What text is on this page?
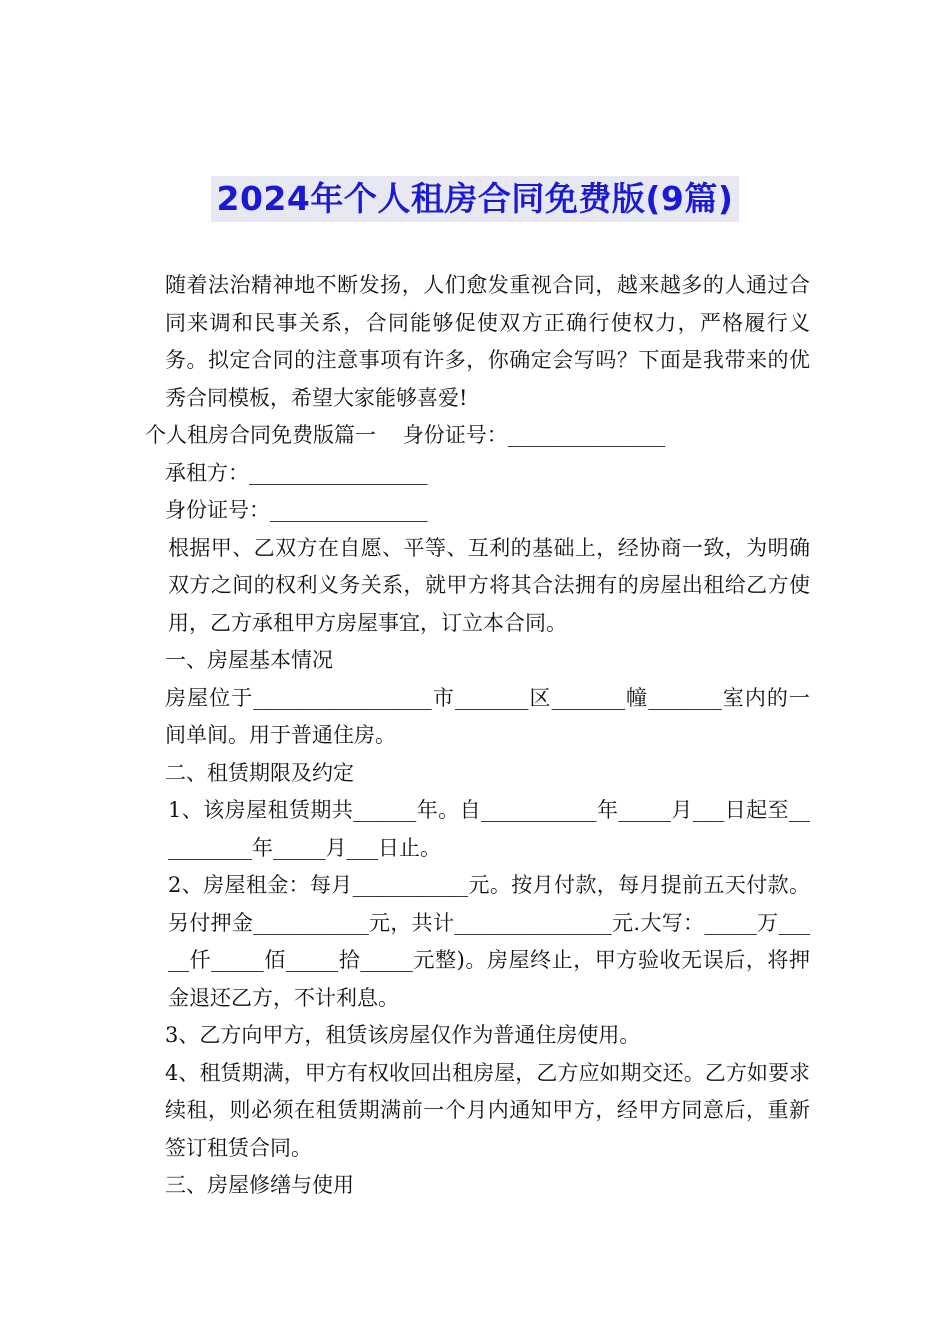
2024年个人租房合同免费版(9篇)

随着法治精神地不断发扬，人们愈发重视合同，越来越多的人通过合同来调和民事关系，合同能够促使双方正确行使权力，严格履行义务。拟定合同的注意事项有许多，你确定会写吗？下面是我带来的优秀合同模板，希望大家能够喜爱!

个人租房合同免费版篇一    身份证号：_______________

承租方：_________________

身份证号：_______________

根据甲、乙双方在自愿、平等、互利的基础上，经协商一致，为明确双方之间的权利义务关系，就甲方将其合法拥有的房屋出租给乙方使用，乙方承租甲方房屋事宜，订立本合同。

一、房屋基本情况

房屋位于_________________市_______区_______幢_______室内的一间单间。用于普通住房。

二、租赁期限及约定

1、该房屋租赁期共______年。自___________年_____月___日起至__________年_____月___日止。

2、房屋租金：每月___________元。按月付款，每月提前五天付款。另付押金___________元，共计_______________元.大写：_____万_____仟_____佰_____拾_____元整)。房屋终止，甲方验收无误后，将押金退还乙方，不计利息。

3、乙方向甲方，租赁该房屋仅作为普通住房使用。

4、租赁期满，甲方有权收回出租房屋，乙方应如期交还。乙方如要求续租，则必须在租赁期满前一个月内通知甲方，经甲方同意后，重新签订租赁合同。

三、房屋修缮与使用
